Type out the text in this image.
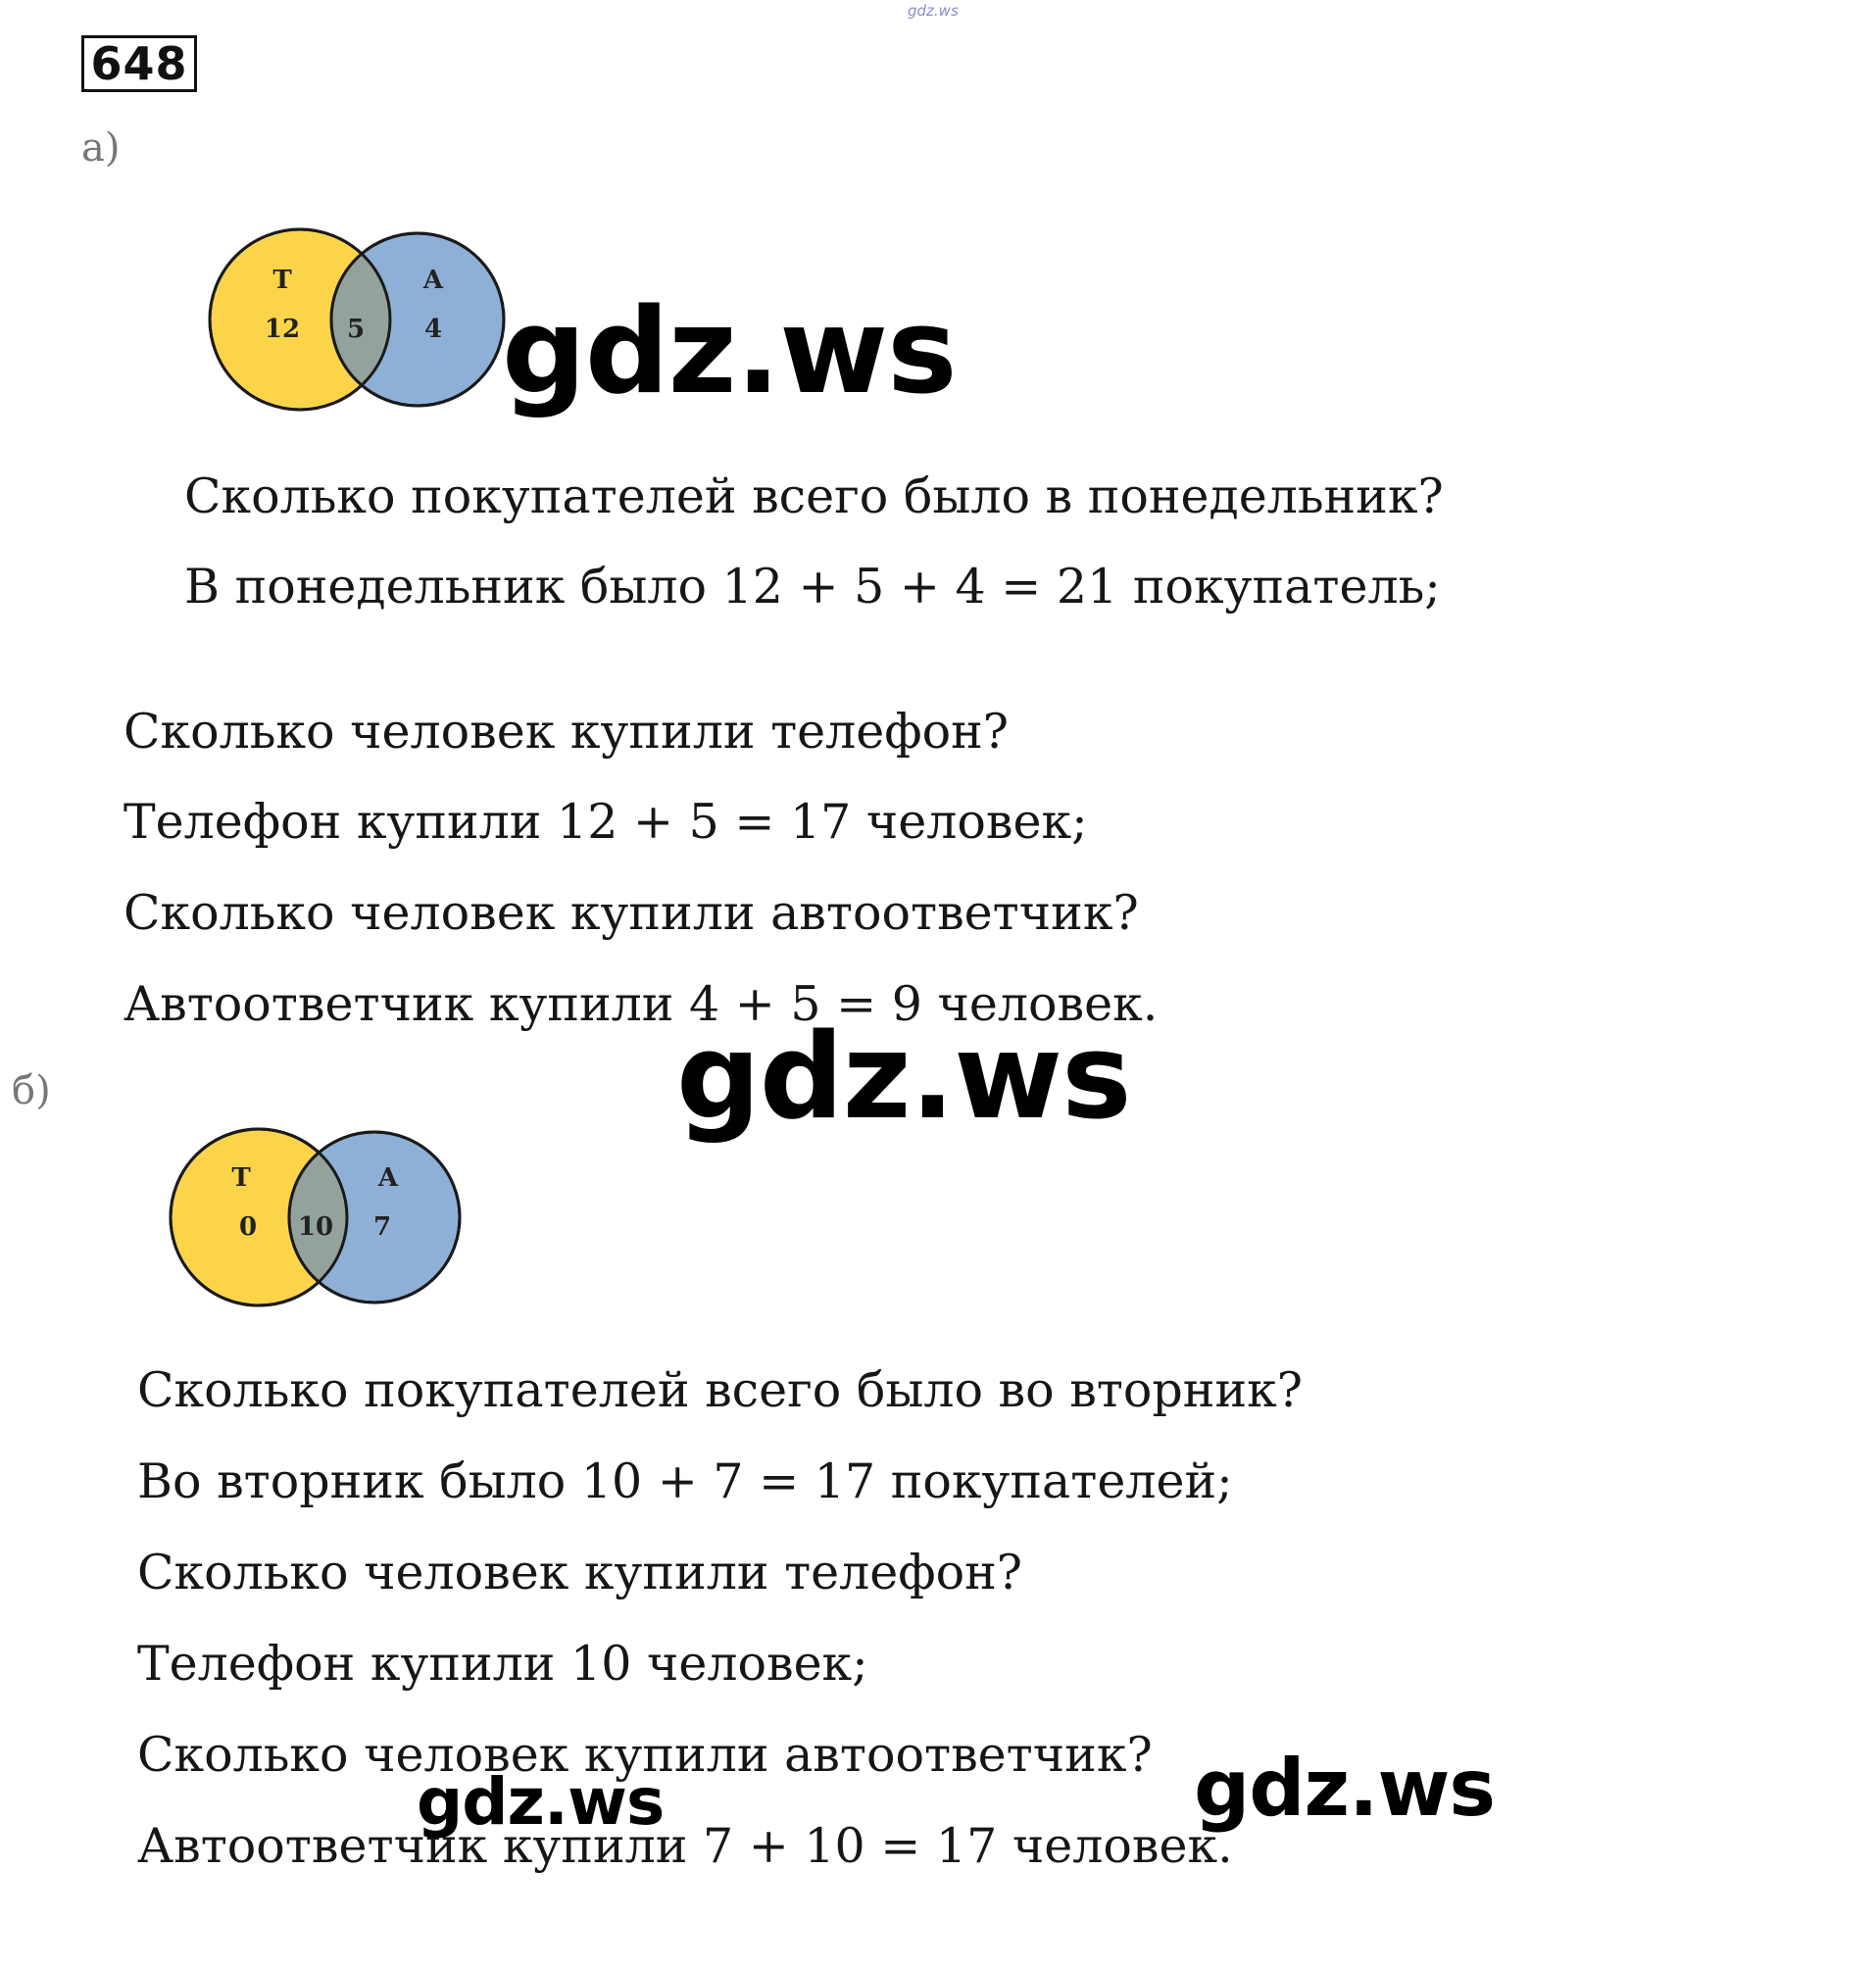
gdz.ws
648
а)
Т
12 5
А
4 gdz.ws
Сколько покупателей всего было в понедельник?
В понедельник было 12 + 5 + 4 = 21 покупатель;
Сколько человек купили телефон?
Телефон купили 12 + 5 = 17 человек;
Сколько человек купили автоответчик?
Автоответчик купили 4 + 5 = 9 человек.
gdz.ws
б)
Т
0 10
А
7
Сколько покупателей всего было во вторник?
Во вторник было 10 + 7 = 17 покупателей;
Сколько человек купили телефон?
Телефон купили 10 человек;
Сколько человек купили автоответчик?
Автоответчик купили 7 + 10 = 17 человек.
gdz.ws	gdz.ws
